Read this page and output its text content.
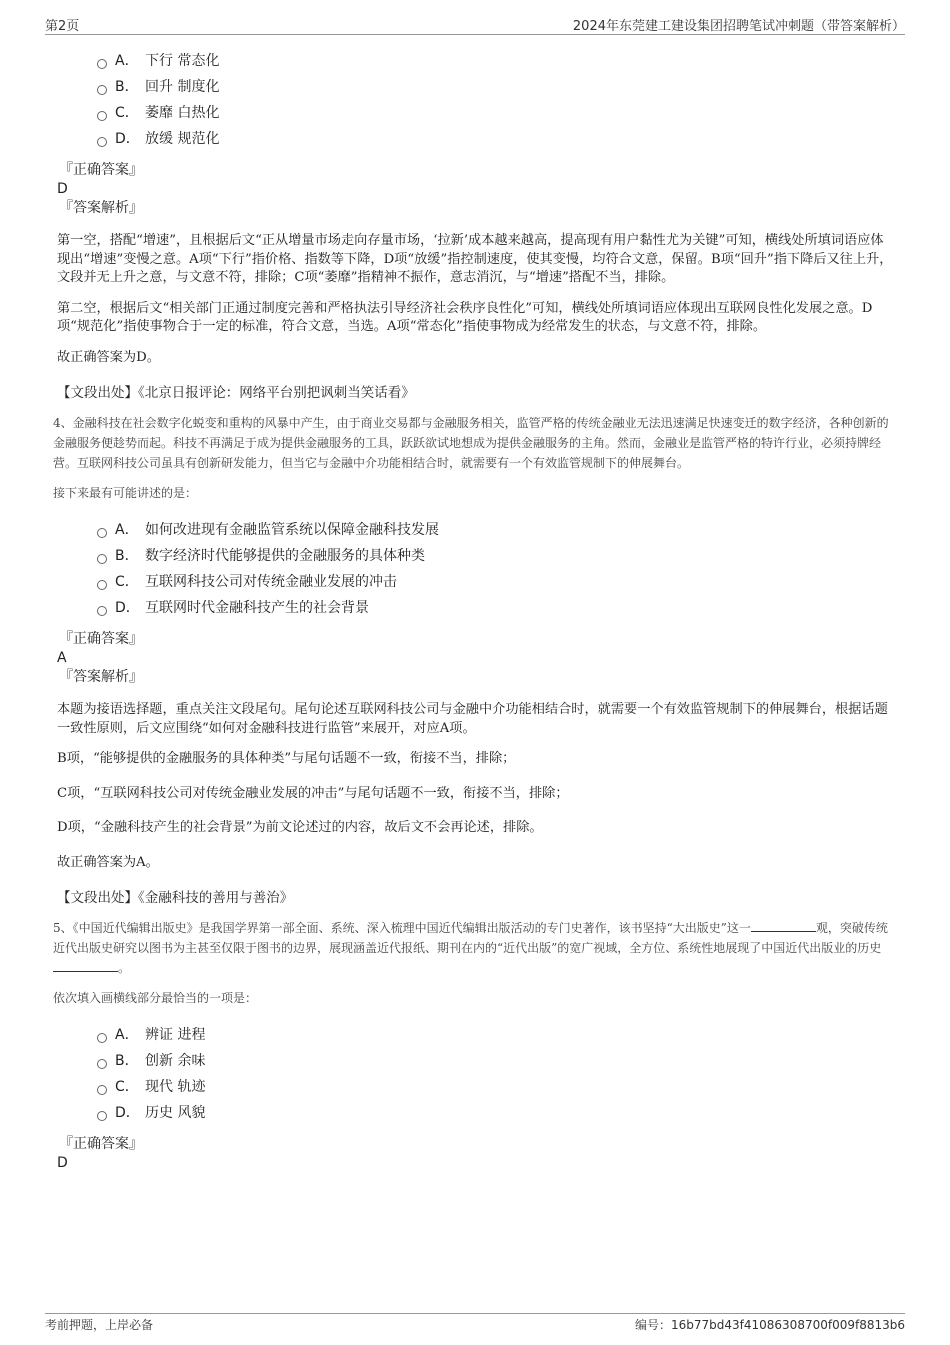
第2页	2024年东莞建工建设集团招聘笔试冲刺题（带答案解析）
A． 下行 常态化
B． 回升 制度化
C． 萎靡 白热化
D． 放缓 规范化
『正确答案』
D
『答案解析』

第一空，搭配“增速”，且根据后文“正从增量市场走向存量市场，‘拉新’成本越来越高，提高现有用户黏性尤为关键”可知，横线处所填词语应体现出“增速”变慢之意。A项“下行”指价格、指数等下降，D项“放缓”指控制速度，使其变慢，均符合文意，保留。B项“回升”指下降后又往上升，文段并无上升之意，与文意不符，排除；C项“萎靡”指精神不振作，意志消沉，与“增速”搭配不当，排除。

第二空，根据后文“相关部门正通过制度完善和严格执法引导经济社会秩序良性化”可知，横线处所填词语应体现出互联网良性化发展之意。D项“规范化”指使事物合于一定的标准，符合文意，当选。A项“常态化”指使事物成为经常发生的状态，与文意不符，排除。

故正确答案为D。

【文段出处】《北京日报评论：网络平台别把讽刺当笑话看》

4、金融科技在社会数字化蜕变和重构的风暴中产生，由于商业交易都与金融服务相关，监管严格的传统金融业无法迅速满足快速变迁的数字经济，各种创新的金融服务便趁势而起。科技不再满足于成为提供金融服务的工具，跃跃欲试地想成为提供金融服务的主角。然而，金融业是监管严格的特许行业，必须持牌经营。互联网科技公司虽具有创新研发能力，但当它与金融中介功能相结合时，就需要有一个有效监管规制下的伸展舞台。

接下来最有可能讲述的是：

A． 如何改进现有金融监管系统以保障金融科技发展
B． 数字经济时代能够提供的金融服务的具体种类
C． 互联网科技公司对传统金融业发展的冲击
D． 互联网时代金融科技产生的社会背景
『正确答案』
A
『答案解析』

本题为接语选择题，重点关注文段尾句。尾句论述互联网科技公司与金融中介功能相结合时，就需要一个有效监管规制下的伸展舞台，根据话题一致性原则，后文应围绕“如何对金融科技进行监管”来展开，对应A项。

B项，“能够提供的金融服务的具体种类”与尾句话题不一致，衔接不当，排除；

C项，“互联网科技公司对传统金融业发展的冲击”与尾句话题不一致，衔接不当，排除；

D项，“金融科技产生的社会背景”为前文论述过的内容，故后文不会再论述，排除。

故正确答案为A。

【文段出处】《金融科技的善用与善治》

5、《中国近代编辑出版史》是我国学界第一部全面、系统、深入梳理中国近代编辑出版活动的专门史著作，该书坚持“大出版史”这一	观，突破传统近代出版史研究以图书为主甚至仅限于图书的边界，展现涵盖近代报纸、期刊在内的“近代出版”的宽广视域，全方位、系统性地展现了中国近代出版业的历史。

依次填入画横线部分最恰当的一项是：

A． 辨证 进程
B． 创新 余味
C． 现代 轨迹
D． 历史 风貌
『正确答案』
D
考前押题，上岸必备	编号：16b77bd43f41086308700f009f8813b6
